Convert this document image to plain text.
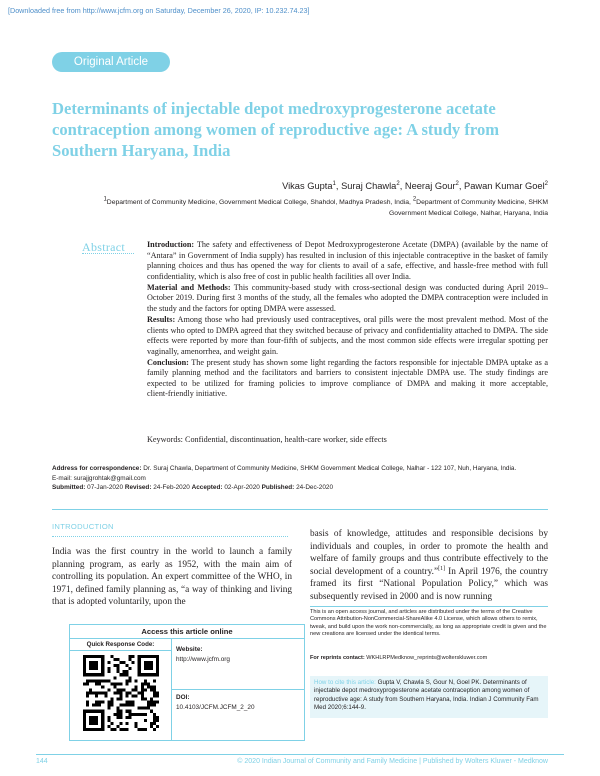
[Downloaded free from http://www.jcfm.org on Saturday, December 26, 2020, IP: 10.232.74.23]
Original Article
Determinants of injectable depot medroxyprogesterone acetate contraception among women of reproductive age: A study from Southern Haryana, India
Vikas Gupta$^1$, Suraj Chawla$^2$, Neeraj Gour$^2$, Pawan Kumar Goel$^2$
$^1$Department of Community Medicine, Government Medical College, Shahdol, Madhya Pradesh, India, $^2$Department of Community Medicine, SHKM Government Medical College, Nalhar, Haryana, India
Abstract	Introduction: The safety and effectiveness of Depot Medroxyprogesterone Acetate (DMPA) (available by the name of “Antara” in Government of India supply) has resulted in inclusion of this injectable contraceptive in the basket of family planning choices and thus has opened the way for clients to avail of a safe, effective, and hassle‑free method with full confidentiality, which is also free of cost in public health facilities all over India.

Material and Methods: This community‑based study with cross‑sectional design was conducted during April 2019–October 2019. During first 3 months of the study, all the females who adopted the DMPA contraception were included in the study and the factors for opting DMPA were assessed.

Results: Among those who had previously used contraceptives, oral pills were the most prevalent method. Most of the clients who opted to DMPA agreed that they switched because of privacy and confidentiality attached to DMPA. The side effects were reported by more than four‑fifth of subjects, and the most common side effects were irregular spotting per vaginally, amenorrhea, and weight gain.

Conclusion: The present study has shown some light regarding the factors responsible for injectable DMPA uptake as a family planning method and the facilitators and barriers to consistent injectable DMPA use. The study findings are expected to be utilized for framing policies to improve compliance of DMPA and making it more acceptable, client‑friendly initiative.

Keywords: Confidential, discontinuation, health‑care worker, side effects
Address for correspondence: Dr. Suraj Chawla, Department of Community Medicine, SHKM Government Medical College, Nalhar ‑ 122 107, Nuh, Haryana, India.
E‑mail: surajjgrohtak@gmail.com
Submitted: 07‑Jan‑2020 Revised: 24‑Feb‑2020 Accepted: 02‑Apr‑2020 Published: 24‑Dec‑2020
INTRODUCTION
India was the first country in the world to launch a family planning program, as early as 1952, with the main aim of controlling its population. An expert committee of the WHO, in 1971, defined family planning as, “a way of thinking and living that is adopted voluntarily, upon the
basis of knowledge, attitudes and responsible decisions by individuals and couples, in order to promote the health and welfare of family groups and thus contribute effectively to the social development of a country.”[1] In April 1976, the country framed its first “National Population Policy,” which was subsequently revised in 2000 and is now running
Access this article online
Quick Response Code:
Website:
http://www.jcfm.org
DOI:
10.4103/JCFM.JCFM_2_20
This is an open access journal, and articles are distributed under the terms of the Creative Commons Attribution‑NonCommercial‑ShareAlike 4.0 License, which allows others to remix, tweak, and build upon the work non‑commercially, as long as appropriate credit is given and the new creations are licensed under the identical terms.
For reprints contact: WKHLRPMedknow_reprints@wolterskluwer.com
How to cite this article: Gupta V, Chawla S, Gour N, Goel PK. Determinants of injectable depot medroxyprogesterone acetate contraception among women of reproductive age: A study from Southern Haryana, India. Indian J Community Fam Med 2020;6:144‑9.
144	© 2020 Indian Journal of Community and Family Medicine | Published by Wolters Kluwer ‑ Medknow
